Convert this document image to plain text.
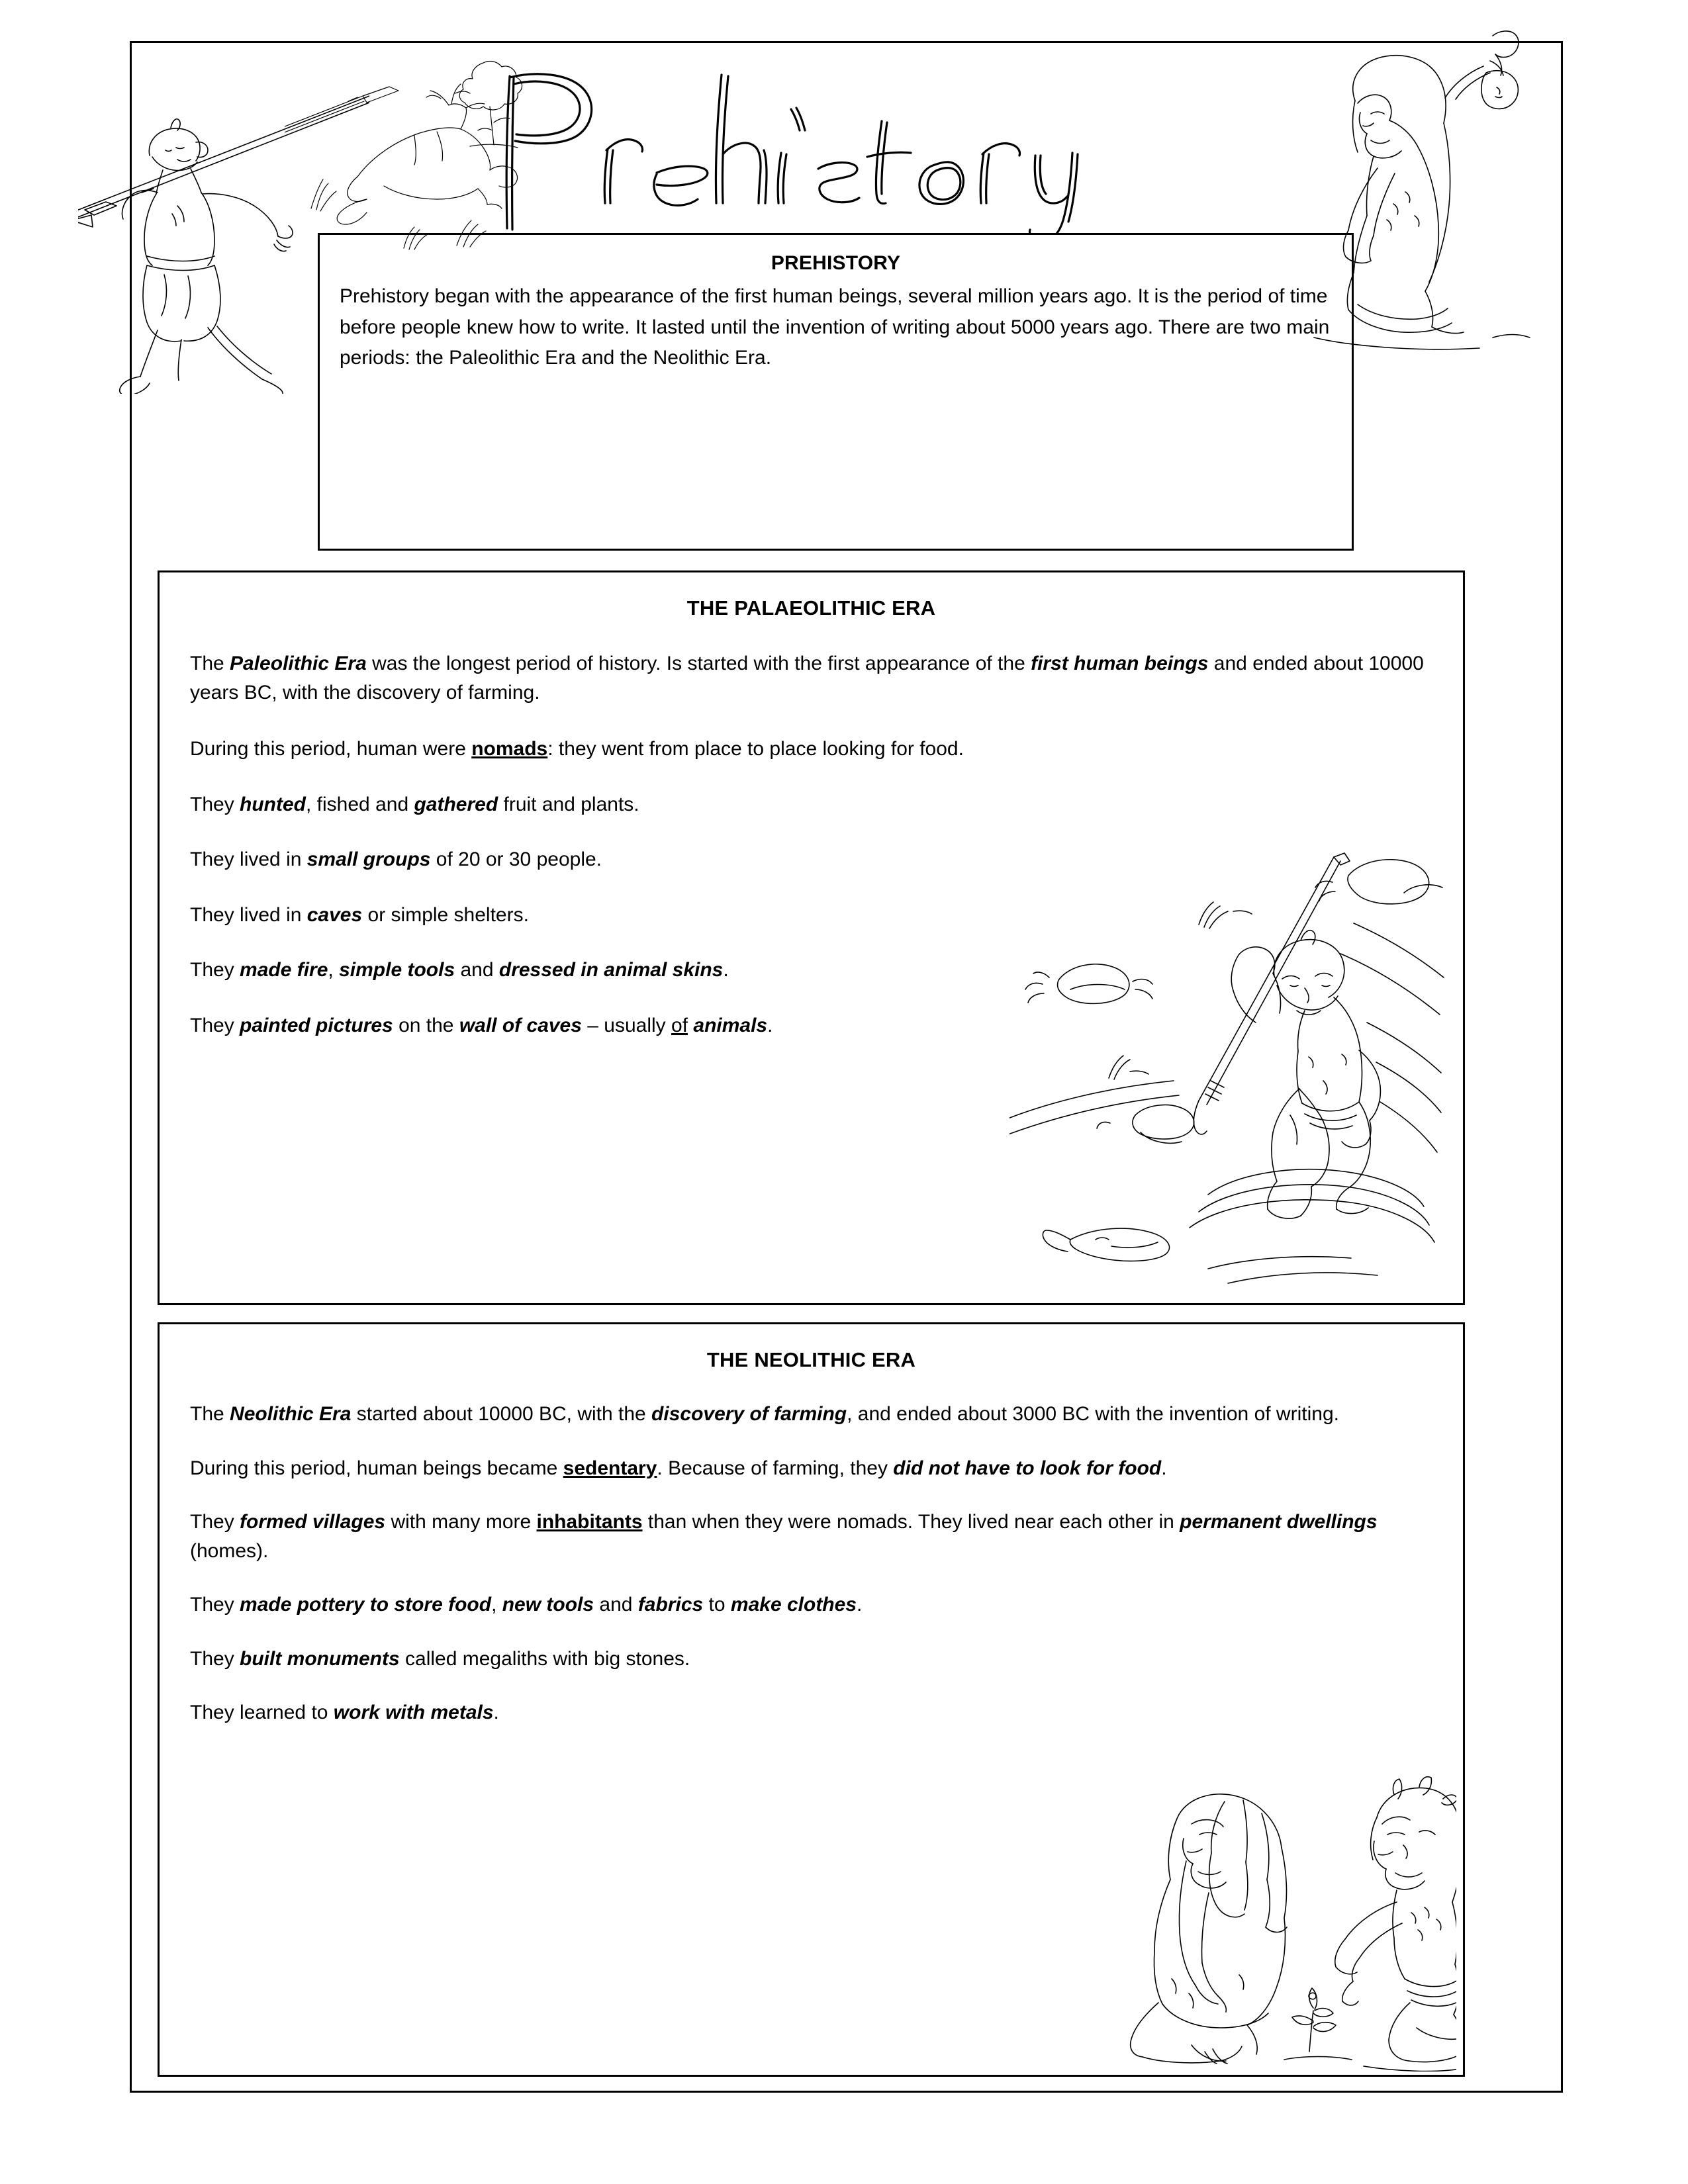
PREHISTORY
Prehistory began with the appearance of the first human beings, several million years ago. It is the period of time before people knew how to write. It lasted until the invention of writing about 5000 years ago. There are two main periods: the Paleolithic Era and the Neolithic Era.
THE PALAEOLITHIC ERA
The Paleolithic Era was the longest period of history. Is started with the first appearance of the first human beings and ended about 10000 years BC, with the discovery of farming.
During this period, human were nomads: they went from place to place looking for food.
They hunted, fished and gathered fruit and plants.
They lived in small groups of 20 or 30 people.
They lived in caves or simple shelters.
They made fire, simple tools and dressed in animal skins.
They painted pictures on the wall of caves – usually of animals.
THE NEOLITHIC ERA
The Neolithic Era started about 10000 BC, with the discovery of farming, and ended about 3000 BC with the invention of writing.
During this period, human beings became sedentary. Because of farming, they did not have to look for food.
They formed villages with many more inhabitants than when they were nomads. They lived near each other in permanent dwellings (homes).
They made pottery to store food, new tools and fabrics to make clothes.
They built monuments called megaliths with big stones.
They learned to work with metals.
